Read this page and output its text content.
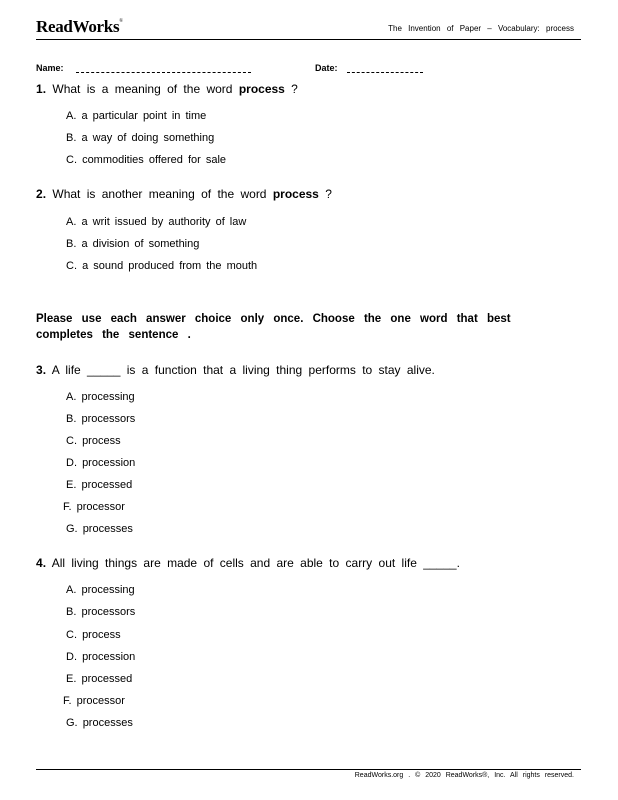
ReadWorks®
The Invention of Paper – Vocabulary: process
Name:	Date:
1. What is a meaning of the word process ?
A. a particular point in time
B. a way of doing something
C. commodities offered for sale
2. What is another meaning of the word process ?
A. a writ issued by authority of law
B. a division of something
C. a sound produced from the mouth
Please use each answer choice only once. Choose the one word that best completes the sentence .
3. A life _____ is a function that a living thing performs to stay alive.
A. processing
B. processors
C. process
D. procession
E. processed
F. processor
G. processes
4. All living things are made of cells and are able to carry out life _____.
A. processing
B. processors
C. process
D. procession
E. processed
F. processor
G. processes
ReadWorks.org . © 2020 ReadWorks®, Inc. All rights reserved.
